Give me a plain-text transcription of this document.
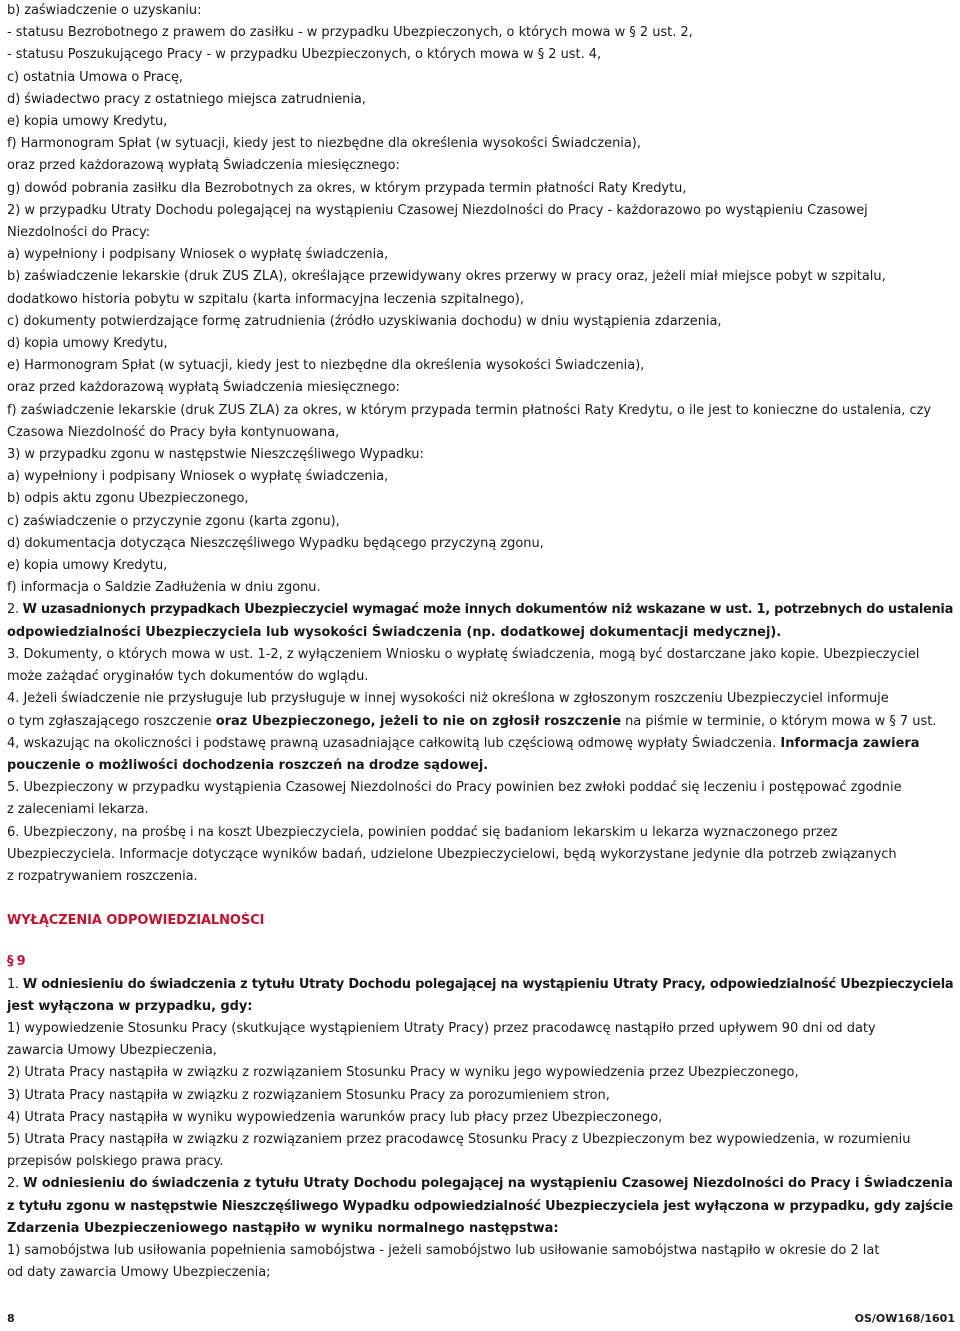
b) zaświadczenie o uzyskaniu:
- statusu Bezrobotnego z prawem do zasiłku - w przypadku Ubezpieczonych, o których mowa w § 2 ust. 2,
- statusu Poszukującego Pracy - w przypadku Ubezpieczonych, o których mowa w § 2 ust. 4,
c) ostatnia Umowa o Pracę,
d) świadectwo pracy z ostatniego miejsca zatrudnienia,
e) kopia umowy Kredytu,
f) Harmonogram Spłat (w sytuacji, kiedy jest to niezbędne dla określenia wysokości Świadczenia),
oraz przed każdorazową wypłatą Świadczenia miesięcznego:
g) dowód pobrania zasiłku dla Bezrobotnych za okres, w którym przypada termin płatności Raty Kredytu,
2) w przypadku Utraty Dochodu polegającej na wystąpieniu Czasowej Niezdolności do Pracy - każdorazowo po wystąpieniu Czasowej
Niezdolności do Pracy:
a) wypełniony i podpisany Wniosek o wypłatę świadczenia,
b) zaświadczenie lekarskie (druk ZUS ZLA), określające przewidywany okres przerwy w pracy oraz, jeżeli miał miejsce pobyt w szpitalu,
dodatkowo historia pobytu w szpitalu (karta informacyjna leczenia szpitalnego),
c) dokumenty potwierdzające formę zatrudnienia (źródło uzyskiwania dochodu) w dniu wystąpienia zdarzenia,
d) kopia umowy Kredytu,
e) Harmonogram Spłat (w sytuacji, kiedy jest to niezbędne dla określenia wysokości Świadczenia),
oraz przed każdorazową wypłatą Świadczenia miesięcznego:
f) zaświadczenie lekarskie (druk ZUS ZLA) za okres, w którym przypada termin płatności Raty Kredytu, o ile jest to konieczne do ustalenia, czy
Czasowa Niezdolność do Pracy była kontynuowana,
3) w przypadku zgonu w następstwie Nieszczęśliwego Wypadku:
a) wypełniony i podpisany Wniosek o wypłatę świadczenia,
b) odpis aktu zgonu Ubezpieczonego,
c) zaświadczenie o przyczynie zgonu (karta zgonu),
d) dokumentacja dotycząca Nieszczęśliwego Wypadku będącego przyczyną zgonu,
e) kopia umowy Kredytu,
f) informacja o Saldzie Zadłużenia w dniu zgonu.
2. W uzasadnionych przypadkach Ubezpieczyciel wymagać może innych dokumentów niż wskazane w ust. 1, potrzebnych do ustalenia
odpowiedzialności Ubezpieczyciela lub wysokości Świadczenia (np. dodatkowej dokumentacji medycznej).
3. Dokumenty, o których mowa w ust. 1-2, z wyłączeniem Wniosku o wypłatę świadczenia, mogą być dostarczane jako kopie. Ubezpieczyciel
może zażądać oryginałów tych dokumentów do wglądu.
4. Jeżeli świadczenie nie przysługuje lub przysługuje w innej wysokości niż określona w zgłoszonym roszczeniu Ubezpieczyciel informuje
o tym zgłaszającego roszczenie oraz Ubezpieczonego, jeżeli to nie on zgłosił roszczenie na piśmie w terminie, o którym mowa w § 7 ust.
4, wskazując na okoliczności i podstawę prawną uzasadniające całkowitą lub częściową odmowę wypłaty Świadczenia. Informacja zawiera
pouczenie o możliwości dochodzenia roszczeń na drodze sądowej.
5. Ubezpieczony w przypadku wystąpienia Czasowej Niezdolności do Pracy powinien bez zwłoki poddać się leczeniu i postępować zgodnie
z zaleceniami lekarza.
6. Ubezpieczony, na prośbę i na koszt Ubezpieczyciela, powinien poddać się badaniom lekarskim u lekarza wyznaczonego przez
Ubezpieczyciela. Informacje dotyczące wyników badań, udzielone Ubezpieczycielowi, będą wykorzystane jedynie dla potrzeb związanych
z rozpatrywaniem roszczenia.
WYŁĄCZENIA ODPOWIEDZIALNOŚCI
§ 9
1. W odniesieniu do świadczenia z tytułu Utraty Dochodu polegającej na wystąpieniu Utraty Pracy, odpowiedzialność Ubezpieczyciela
jest wyłączona w przypadku, gdy:
1) wypowiedzenie Stosunku Pracy (skutkujące wystąpieniem Utraty Pracy) przez pracodawcę nastąpiło przed upływem 90 dni od daty
zawarcia Umowy Ubezpieczenia,
2) Utrata Pracy nastąpiła w związku z rozwiązaniem Stosunku Pracy w wyniku jego wypowiedzenia przez Ubezpieczonego,
3) Utrata Pracy nastąpiła w związku z rozwiązaniem Stosunku Pracy za porozumieniem stron,
4) Utrata Pracy nastąpiła w wyniku wypowiedzenia warunków pracy lub płacy przez Ubezpieczonego,
5) Utrata Pracy nastąpiła w związku z rozwiązaniem przez pracodawcę Stosunku Pracy z Ubezpieczonym bez wypowiedzenia, w rozumieniu
przepisów polskiego prawa pracy.
2. W odniesieniu do świadczenia z tytułu Utraty Dochodu polegającej na wystąpieniu Czasowej Niezdolności do Pracy i Świadczenia
z tytułu zgonu w następstwie Nieszczęśliwego Wypadku odpowiedzialność Ubezpieczyciela jest wyłączona w przypadku, gdy zajście
Zdarzenia Ubezpieczeniowego nastąpiło w wyniku normalnego następstwa:
1) samobójstwa lub usiłowania popełnienia samobójstwa - jeżeli samobójstwo lub usiłowanie samobójstwa nastąpiło w okresie do 2 lat
od daty zawarcia Umowy Ubezpieczenia;
8	OS/OW168/1601
